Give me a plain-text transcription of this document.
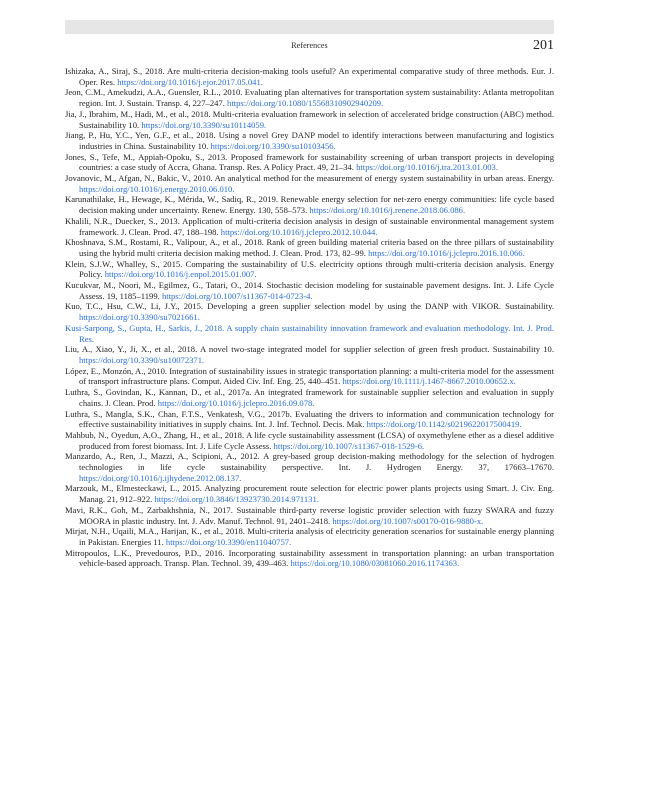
References	201

Ishizaka, A., Siraj, S., 2018. Are multi-criteria decision-making tools useful? An experimental comparative study of three methods. Eur. J. Oper. Res. https://doi.org/10.1016/j.ejor.2017.05.041.

Jeon, C.M., Amekudzi, A.A., Guensler, R.L., 2010. Evaluating plan alternatives for transportation system sustainability: Atlanta metropolitan region. Int. J. Sustain. Transp. 4, 227–247. https://doi.org/10.1080/15568310902940209.

Jia, J., Ibrahim, M., Hadi, M., et al., 2018. Multi-criteria evaluation framework in selection of accelerated bridge construction (ABC) method. Sustainability 10. https://doi.org/10.3390/su10114059.

Jiang, P., Hu, Y.C., Yen, G.F., et al., 2018. Using a novel Grey DANP model to identify interactions between manufacturing and logistics industries in China. Sustainability 10. https://doi.org/10.3390/su10103456.

Jones, S., Tefe, M., Appiah-Opoku, S., 2013. Proposed framework for sustainability screening of urban transport projects in developing countries: a case study of Accra, Ghana. Transp. Res. A Policy Pract. 49, 21–34. https://doi.org/10.1016/j.tra.2013.01.003.

Jovanovic, M., Afgan, N., Bakic, V., 2010. An analytical method for the measurement of energy system sustainability in urban areas. Energy. https://doi.org/10.1016/j.energy.2010.06.010.

Karunathilake, H., Hewage, K., Mérida, W., Sadiq, R., 2019. Renewable energy selection for net-zero energy communities: life cycle based decision making under uncertainty. Renew. Energy. 130, 558–573. https://doi.org/10.1016/j.renene.2018.06.086.

Khalili, N.R., Duecker, S., 2013. Application of multi-criteria decision analysis in design of sustainable environmental management system framework. J. Clean. Prod. 47, 188–198. https://doi.org/10.1016/j.jclepro.2012.10.044.

Khoshnava, S.M., Rostami, R., Valipour, A., et al., 2018. Rank of green building material criteria based on the three pillars of sustainability using the hybrid multi criteria decision making method. J. Clean. Prod. 173, 82–99. https://doi.org/10.1016/j.jclepro.2016.10.066.

Klein, S.J.W., Whalley, S., 2015. Comparing the sustainability of U.S. electricity options through multi-criteria decision analysis. Energy Policy. https://doi.org/10.1016/j.enpol.2015.01.007.

Kucukvar, M., Noori, M., Egilmez, G., Tatari, O., 2014. Stochastic decision modeling for sustainable pavement designs. Int. J. Life Cycle Assess. 19, 1185–1199. https://doi.org/10.1007/s11367-014-0723-4.

Kuo, T.C., Hsu, C.W., Li, J.Y., 2015. Developing a green supplier selection model by using the DANP with VIKOR. Sustainability. https://doi.org/10.3390/su7021661.

Kusi-Sarpong, S., Gupta, H., Sarkis, J., 2018. A supply chain sustainability innovation framework and evaluation methodology. Int. J. Prod. Res.

Liu, A., Xiao, Y., Ji, X., et al., 2018. A novel two-stage integrated model for supplier selection of green fresh product. Sustainability 10. https://doi.org/10.3390/su10072371.

López, E., Monzón, A., 2010. Integration of sustainability issues in strategic transportation planning: a multi-criteria model for the assessment of transport infrastructure plans. Comput. Aided Civ. Inf. Eng. 25, 440–451. https://doi.org/10.1111/j.1467-8667.2010.00652.x.

Luthra, S., Govindan, K., Kannan, D., et al., 2017a. An integrated framework for sustainable supplier selection and evaluation in supply chains. J. Clean. Prod. https://doi.org/10.1016/j.jclepro.2016.09.078.

Luthra, S., Mangla, S.K., Chan, F.T.S., Venkatesh, V.G., 2017b. Evaluating the drivers to information and communication technology for effective sustainability initiatives in supply chains. Int. J. Inf. Technol. Decis. Mak. https://doi.org/10.1142/s0219622017500419.

Mahbub, N., Oyedun, A.O., Zhang, H., et al., 2018. A life cycle sustainability assessment (LCSA) of oxymethylene ether as a diesel additive produced from forest biomass. Int. J. Life Cycle Assess. https://doi.org/10.1007/s11367-018-1529-6.

Manzardo, A., Ren, J., Mazzi, A., Scipioni, A., 2012. A grey-based group decision-making methodology for the selection of hydrogen technologies in life cycle sustainability perspective. Int. J. Hydrogen Energy. 37, 17663–17670. https://doi.org/10.1016/j.ijhydene.2012.08.137.

Marzouk, M., Elmesteckawi, L., 2015. Analyzing procurement route selection for electric power plants projects using Smart. J. Civ. Eng. Manag. 21, 912–922. https://doi.org/10.3846/13923730.2014.971131.

Mavi, R.K., Goh, M., Zarbakhshnia, N., 2017. Sustainable third-party reverse logistic provider selection with fuzzy SWARA and fuzzy MOORA in plastic industry. Int. J. Adv. Manuf. Technol. 91, 2401–2418. https://doi.org/10.1007/s00170-016-9880-x.

Mirjat, N.H., Uqaili, M.A., Harijan, K., et al., 2018. Multi-criteria analysis of electricity generation scenarios for sustainable energy planning in Pakistan. Energies 11. https://doi.org/10.3390/en11040757.

Mitropoulos, L.K., Prevedouros, P.D., 2016. Incorporating sustainability assessment in transportation planning: an urban transportation vehicle-based approach. Transp. Plan. Technol. 39, 439–463. https://doi.org/10.1080/03081060.2016.1174363.
